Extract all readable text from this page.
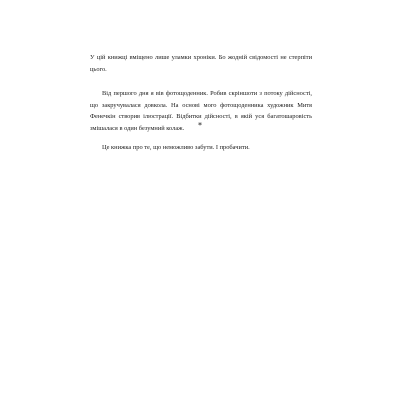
У цій книжці вміщено лише уламки хроніки. Бо жодній свідомості не стерпіти цього.

Від першого дня я вів фотощоденник. Робив скріншоти з потоку дійсності, що закручувалася довкола. На основі мого фотощоденника художник Митя Фенечкін створив ілюстрації. Відбитки дійсності, в якій уся багатошаровість змішалася в один безумний колаж.	*

Це книжка про те, що неможливо забути. І пробачити.
